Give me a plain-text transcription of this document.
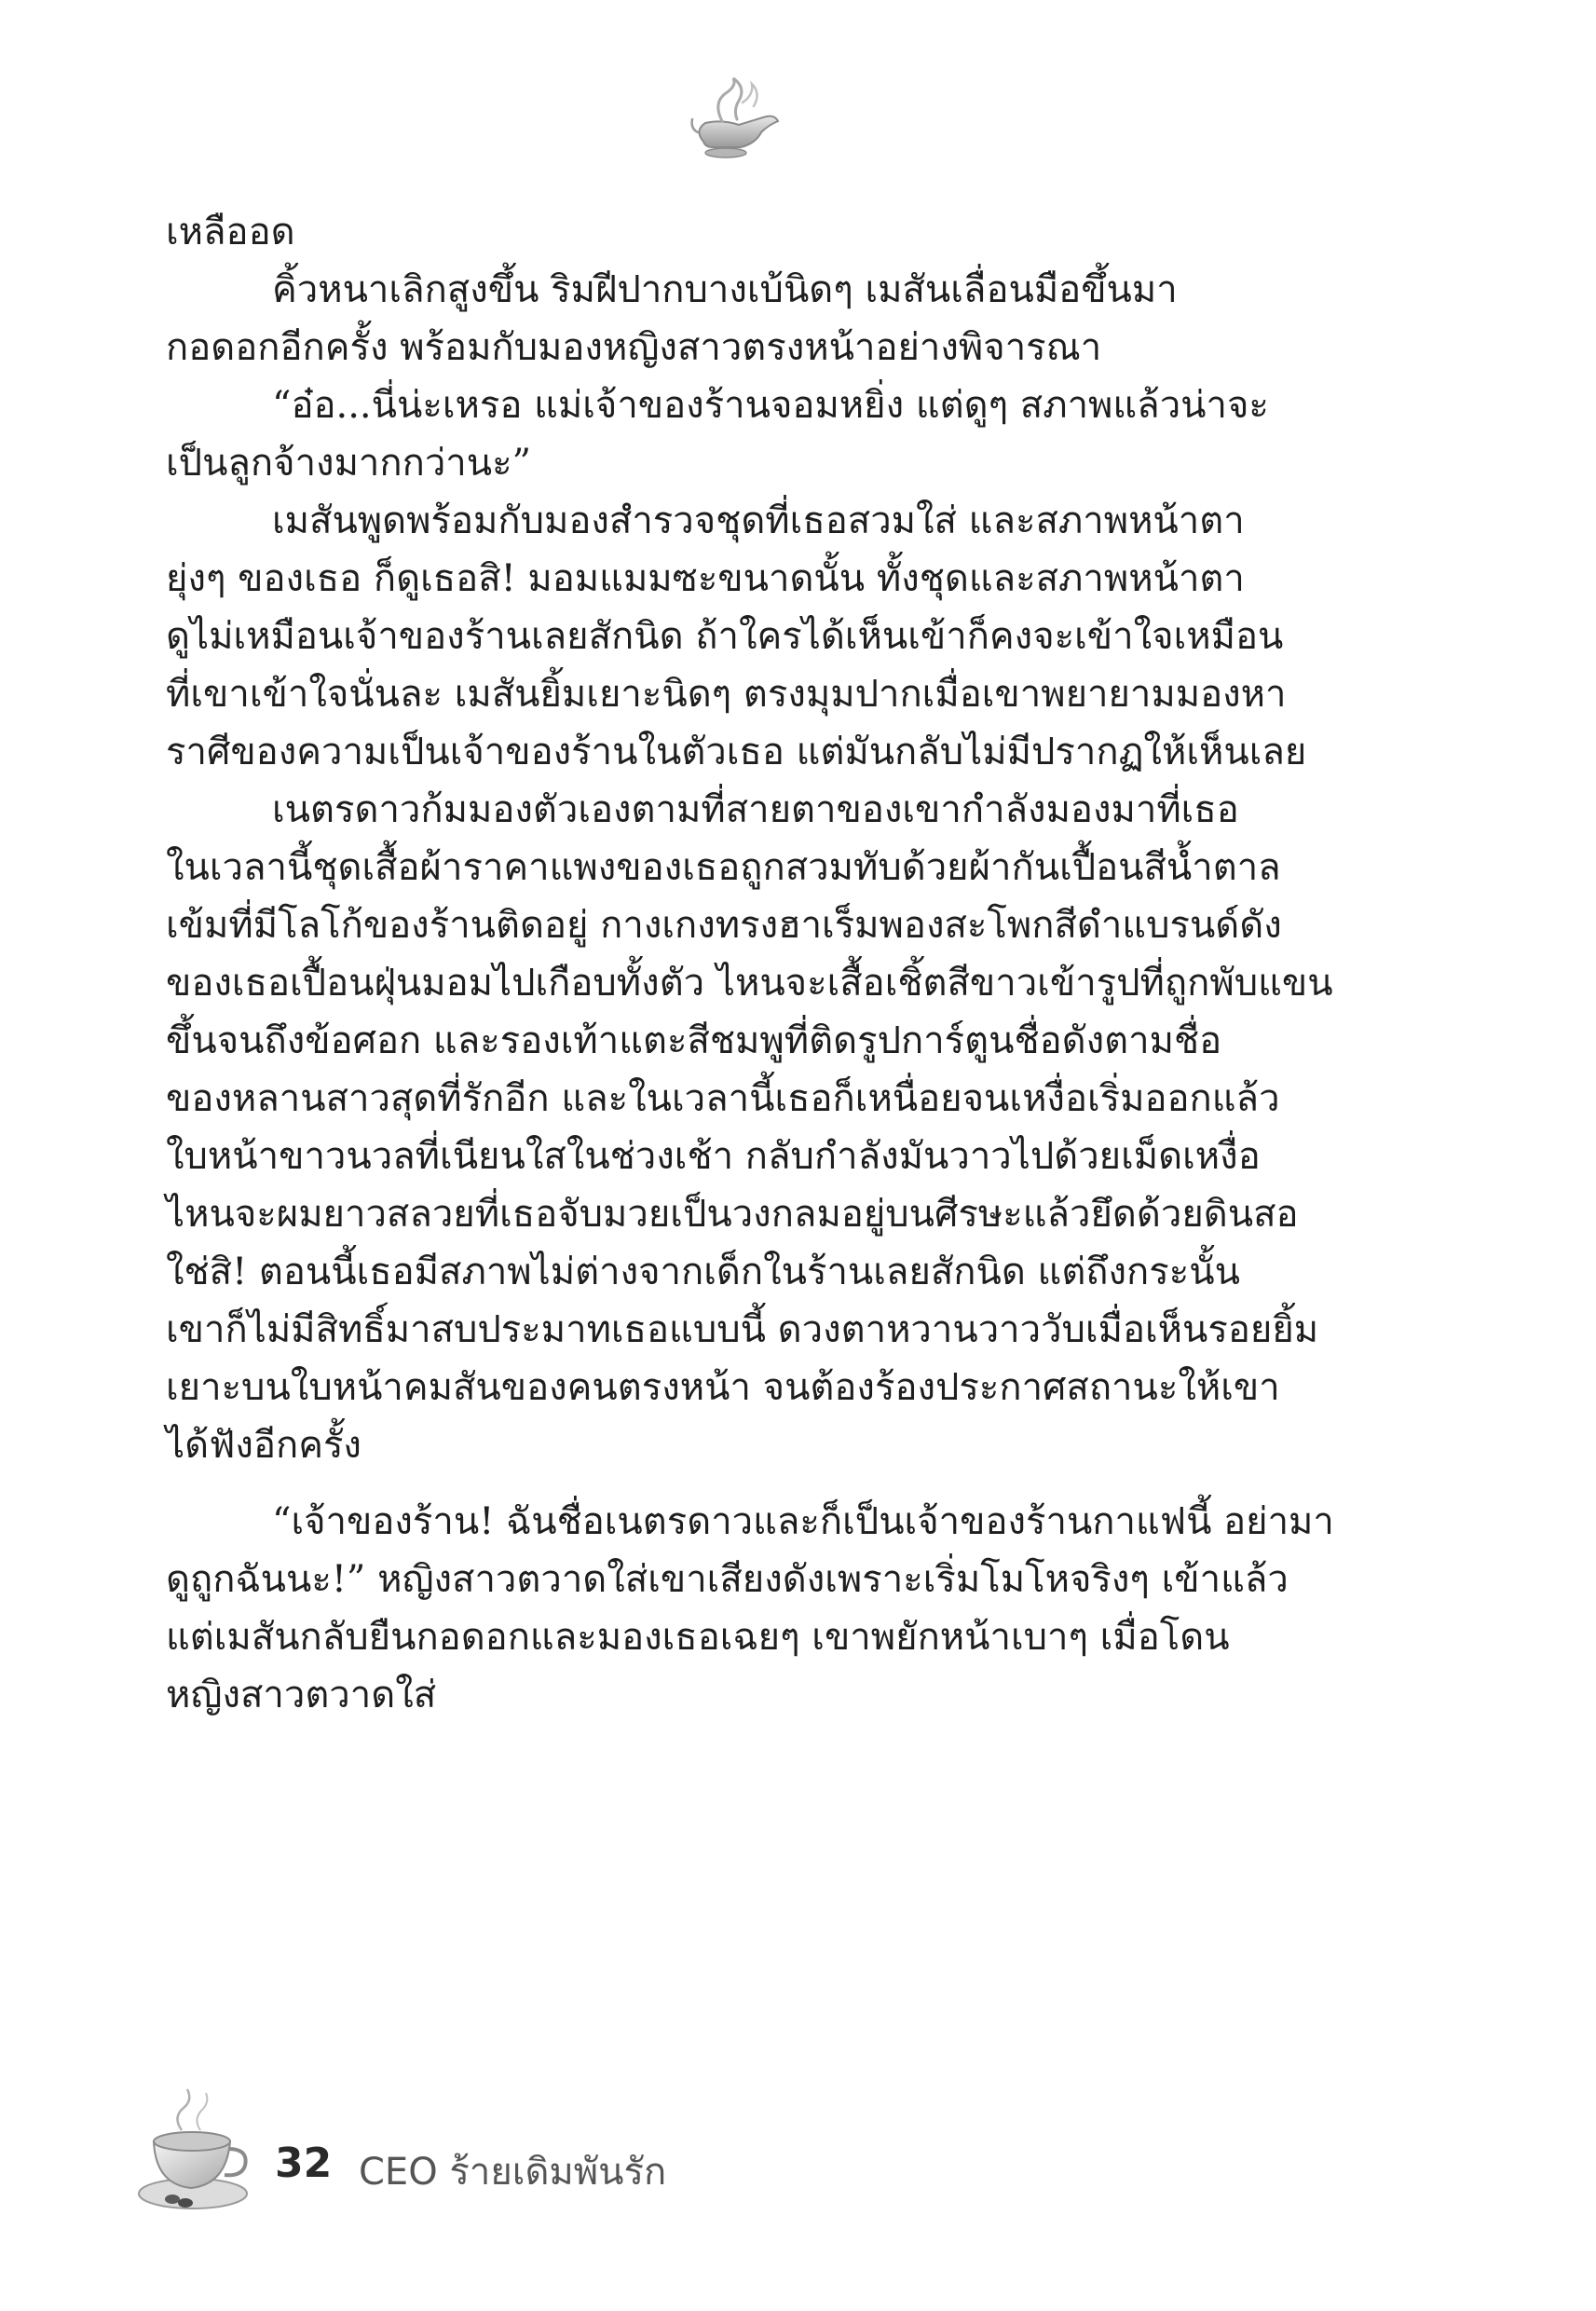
เหลืออด
คิ้วหนาเลิกสูงขึ้น ริมฝีปากบางเบ้นิดๆ เมสันเลื่อนมือขึ้นมา
กอดอกอีกครั้ง พร้อมกับมองหญิงสาวตรงหน้าอย่างพิจารณา
“อ๋อ...นี่น่ะเหรอ แม่เจ้าของร้านจอมหยิ่ง แต่ดูๆ สภาพแล้วน่าจะ
เป็นลูกจ้างมากกว่านะ”
เมสันพูดพร้อมกับมองสำรวจชุดที่เธอสวมใส่ และสภาพหน้าตา
ยุ่งๆ ของเธอ ก็ดูเธอสิ! มอมแมมซะขนาดนั้น ทั้งชุดและสภาพหน้าตา
ดูไม่เหมือนเจ้าของร้านเลยสักนิด ถ้าใครได้เห็นเข้าก็คงจะเข้าใจเหมือน
ที่เขาเข้าใจนั่นละ เมสันยิ้มเยาะนิดๆ ตรงมุมปากเมื่อเขาพยายามมองหา
ราศีของความเป็นเจ้าของร้านในตัวเธอ แต่มันกลับไม่มีปรากฏให้เห็นเลย
เนตรดาวก้มมองตัวเองตามที่สายตาของเขากำลังมองมาที่เธอ
ในเวลานี้ชุดเสื้อผ้าราคาแพงของเธอถูกสวมทับด้วยผ้ากันเปื้อนสีน้ำตาล
เข้มที่มีโลโก้ของร้านติดอยู่ กางเกงทรงฮาเร็มพองสะโพกสีดำแบรนด์ดัง
ของเธอเปื้อนฝุ่นมอมไปเกือบทั้งตัว ไหนจะเสื้อเชิ้ตสีขาวเข้ารูปที่ถูกพับแขน
ขึ้นจนถึงข้อศอก และรองเท้าแตะสีชมพูที่ติดรูปการ์ตูนชื่อดังตามชื่อ
ของหลานสาวสุดที่รักอีก และในเวลานี้เธอก็เหนื่อยจนเหงื่อเริ่มออกแล้ว
ใบหน้าขาวนวลที่เนียนใสในช่วงเช้า กลับกำลังมันวาวไปด้วยเม็ดเหงื่อ
ไหนจะผมยาวสลวยที่เธอจับมวยเป็นวงกลมอยู่บนศีรษะแล้วยึดด้วยดินสอ
ใช่สิ! ตอนนี้เธอมีสภาพไม่ต่างจากเด็กในร้านเลยสักนิด แต่ถึงกระนั้น
เขาก็ไม่มีสิทธิ์มาสบประมาทเธอแบบนี้ ดวงตาหวานวาววับเมื่อเห็นรอยยิ้ม
เยาะบนใบหน้าคมสันของคนตรงหน้า จนต้องร้องประกาศสถานะให้เขา
ได้ฟังอีกครั้ง
“เจ้าของร้าน! ฉันชื่อเนตรดาวและก็เป็นเจ้าของร้านกาแฟนี้ อย่ามา
ดูถูกฉันนะ!” หญิงสาวตวาดใส่เขาเสียงดังเพราะเริ่มโมโหจริงๆ เข้าแล้ว
แต่เมสันกลับยืนกอดอกและมองเธอเฉยๆ เขาพยักหน้าเบาๆ เมื่อโดน
หญิงสาวตวาดใส่
32 CEO ร้ายเดิมพันรัก
